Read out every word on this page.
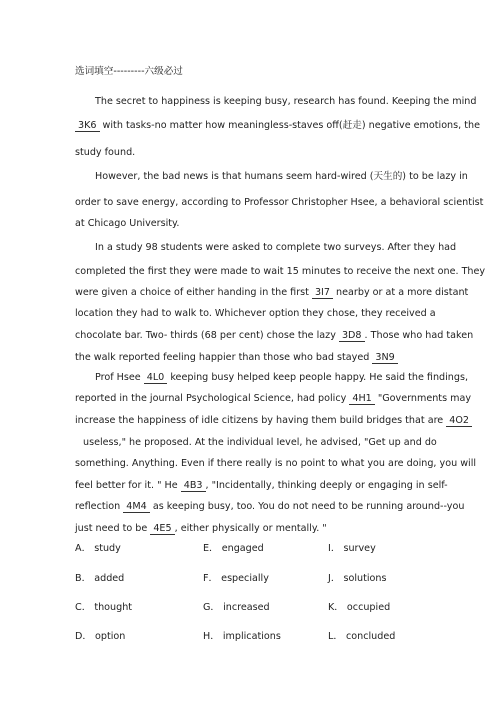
选词填空---------六级必过
The secret to happiness is keeping busy, research has found. Keeping the mind
3K6 with tasks-no matter how meaningless-staves off(赶走) negative emotions, the
study found.
However, the bad news is that humans seem hard-wired (天生的) to be lazy in
order to save energy, according to Professor Christopher Hsee, a behavioral scientist
at Chicago University.
In a study 98 students were asked to complete two surveys. After they had
completed the first they were made to wait 15 minutes to receive the next one. They
were given a choice of either handing in the first 3I7 nearby or at a more distant
location they had to walk to. Whichever option they chose, they received a
chocolate bar. Two- thirds (68 per cent) chose the lazy 3D8 . Those who had taken
the walk reported feeling happier than those who bad stayed 3N9
Prof Hsee 4L0 keeping busy helped keep people happy. He said the findings,
reported in the journal Psychological Science, had policy 4H1 "Governments may
increase the happiness of idle citizens by having them build bridges that are 4O2
useless," he proposed. At the individual Ievel, he advised, "Get up and do
something. Anything. Even if there really is no point to what you are doing, you will
feel better for it. " He 4B3 , "Incidentally, thinking deeply or engaging in self-
reflection 4M4 as keeping busy, too. You do not need to be running around--you
just need to be 4E5 , either physically or mentally. "
A． study	E． engaged	I． survey
B． added	F． especially	J． solutions
C． thought	G． increased	K． occupied
D． option	H． implications	L． concluded
